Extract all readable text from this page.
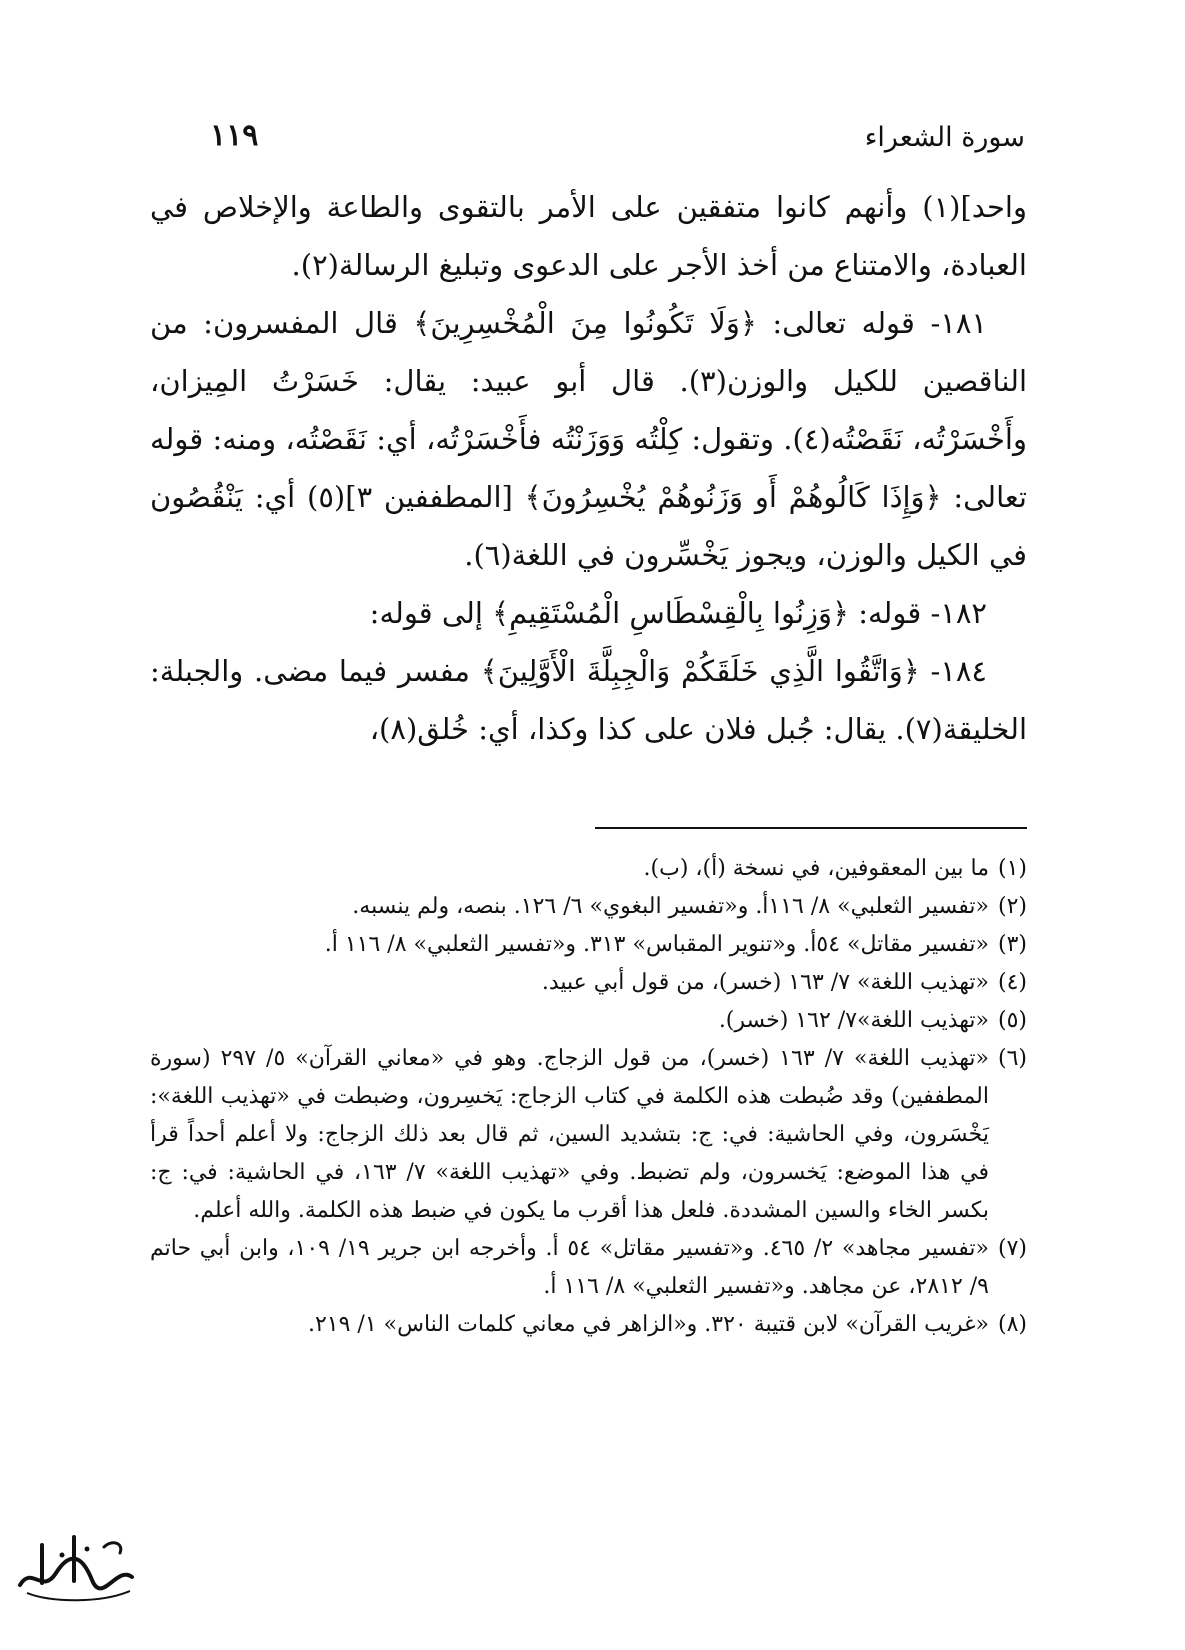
سورة الشعراء
١١٩

واحد](١) وأنهم كانوا متفقين على الأمر بالتقوى والطاعة والإخلاص في العبادة، والامتناع من أخذ الأجر على الدعوى وتبليغ الرسالة(٢).

١٨١- قوله تعالى: ﴿وَلَا تَكُونُوا مِنَ الْمُخْسِرِينَ﴾ قال المفسرون: من الناقصين للكيل والوزن(٣). قال أبو عبيد: يقال: خَسَرْتُ المِيزان، وأَخْسَرْتُه، نَقَصْتُه(٤). وتقول: كِلْتُه وَوَزَنْتُه فأَخْسَرْتُه، أي: نَقَصْتُه، ومنه: قوله تعالى: ﴿وَإِذَا كَالُوهُمْ أَو وَزَنُوهُمْ يُخْسِرُونَ﴾ [المطففين ٣](٥) أي: يَنْقُصُون في الكيل والوزن، ويجوز يَخْسِّرون في اللغة(٦).

١٨٢- قوله: ﴿وَزِنُوا بِالْقِسْطَاسِ الْمُسْتَقِيمِ﴾ إلى قوله:

١٨٤- ﴿وَاتَّقُوا الَّذِي خَلَقَكُمْ وَالْجِبِلَّةَ الْأَوَّلِينَ﴾ مفسر فيما مضى. والجبلة: الخليقة(٧). يقال: جُبل فلان على كذا وكذا، أي: خُلق(٨)،

(١)
ما بين المعقوفين، في نسخة (أ)، (ب).
(٢)
«تفسير الثعلبي» ٨/ ١١٦أ. و«تفسير البغوي» ٦/ ١٢٦. بنصه، ولم ينسبه.
(٣)
«تفسير مقاتل» ٥٤أ. و«تنوير المقباس» ٣١٣. و«تفسير الثعلبي» ٨/ ١١٦ أ.
(٤)
«تهذيب اللغة» ٧/ ١٦٣ (خسر)، من قول أبي عبيد.
(٥)
«تهذيب اللغة»٧/ ١٦٢ (خسر).
(٦)
«تهذيب اللغة» ٧/ ١٦٣ (خسر)، من قول الزجاج. وهو في «معاني القرآن» ٥/ ٢٩٧ (سورة المطففين) وقد ضُبطت هذه الكلمة في كتاب الزجاج: يَخسِرون، وضبطت في «تهذيب اللغة»: يَخْسَرون، وفي الحاشية: في: ج: بتشديد السين، ثم قال بعد ذلك الزجاج: ولا أعلم أحداً قرأ في هذا الموضع: يَخسرون، ولم تضبط. وفي «تهذيب اللغة» ٧/ ١٦٣، في الحاشية: في: ج: بكسر الخاء والسين المشددة. فلعل هذا أقرب ما يكون في ضبط هذه الكلمة. والله أعلم.
(٧)
«تفسير مجاهد» ٢/ ٤٦٥. و«تفسير مقاتل» ٥٤ أ. وأخرجه ابن جرير ١٩/ ١٠٩، وابن أبي حاتم ٩/ ٢٨١٢، عن مجاهد. و«تفسير الثعلبي» ٨/ ١١٦ أ.
(٨)
«غريب القرآن» لابن قتيبة ٣٢٠. و«الزاهر في معاني كلمات الناس» ١/ ٢١٩.
